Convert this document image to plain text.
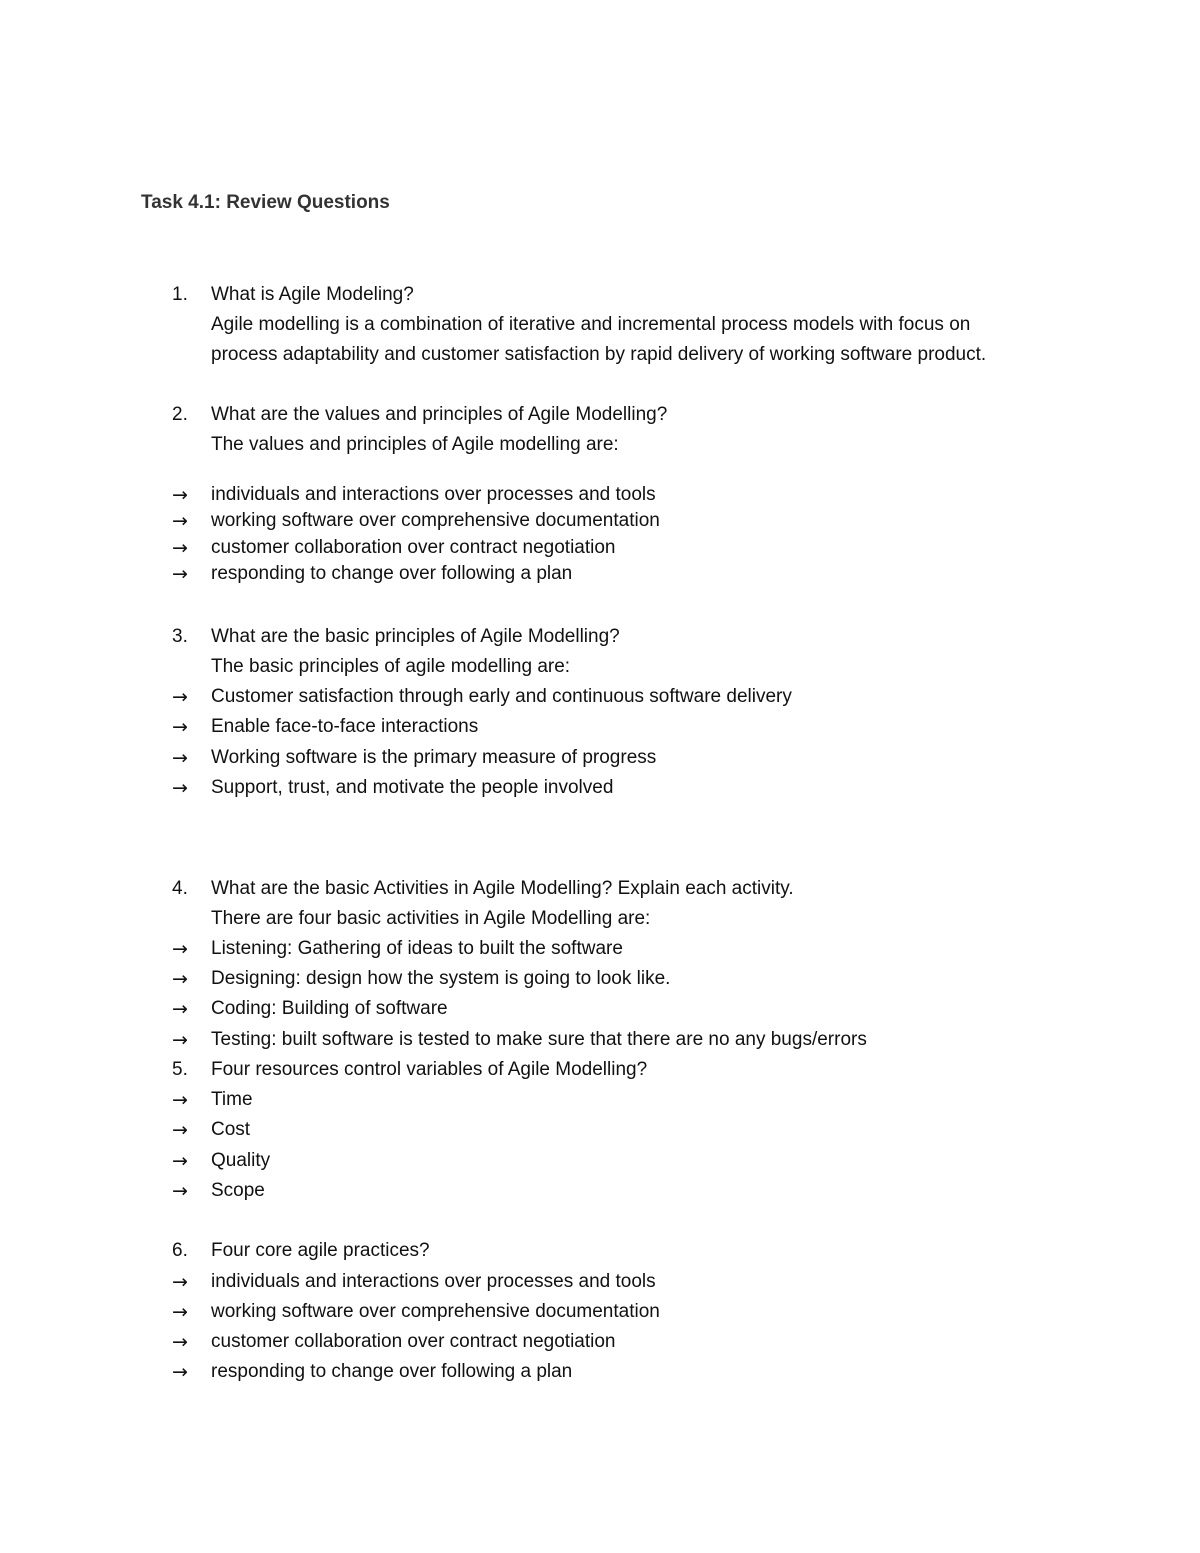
Task 4.1: Review Questions
1. What is Agile Modeling?
Agile modelling is a combination of iterative and incremental process models with focus on
process adaptability and customer satisfaction by rapid delivery of working software product.
2. What are the values and principles of Agile Modelling?
The values and principles of Agile modelling are:
→ individuals and interactions over processes and tools
→ working software over comprehensive documentation
→ customer collaboration over contract negotiation
→ responding to change over following a plan
3. What are the basic principles of Agile Modelling?
The basic principles of agile modelling are:
→ Customer satisfaction through early and continuous software delivery
→ Enable face-to-face interactions
→ Working software is the primary measure of progress
→ Support, trust, and motivate the people involved
4. What are the basic Activities in Agile Modelling? Explain each activity.
There are four basic activities in Agile Modelling are:
→ Listening: Gathering of ideas to built the software
→ Designing: design how the system is going to look like.
→ Coding: Building of software
→ Testing: built software is tested to make sure that there are no any bugs/errors
5. Four resources control variables of Agile Modelling?
→ Time
→ Cost
→ Quality
→ Scope
6. Four core agile practices?
→ individuals and interactions over processes and tools
→ working software over comprehensive documentation
→ customer collaboration over contract negotiation
→ responding to change over following a plan
